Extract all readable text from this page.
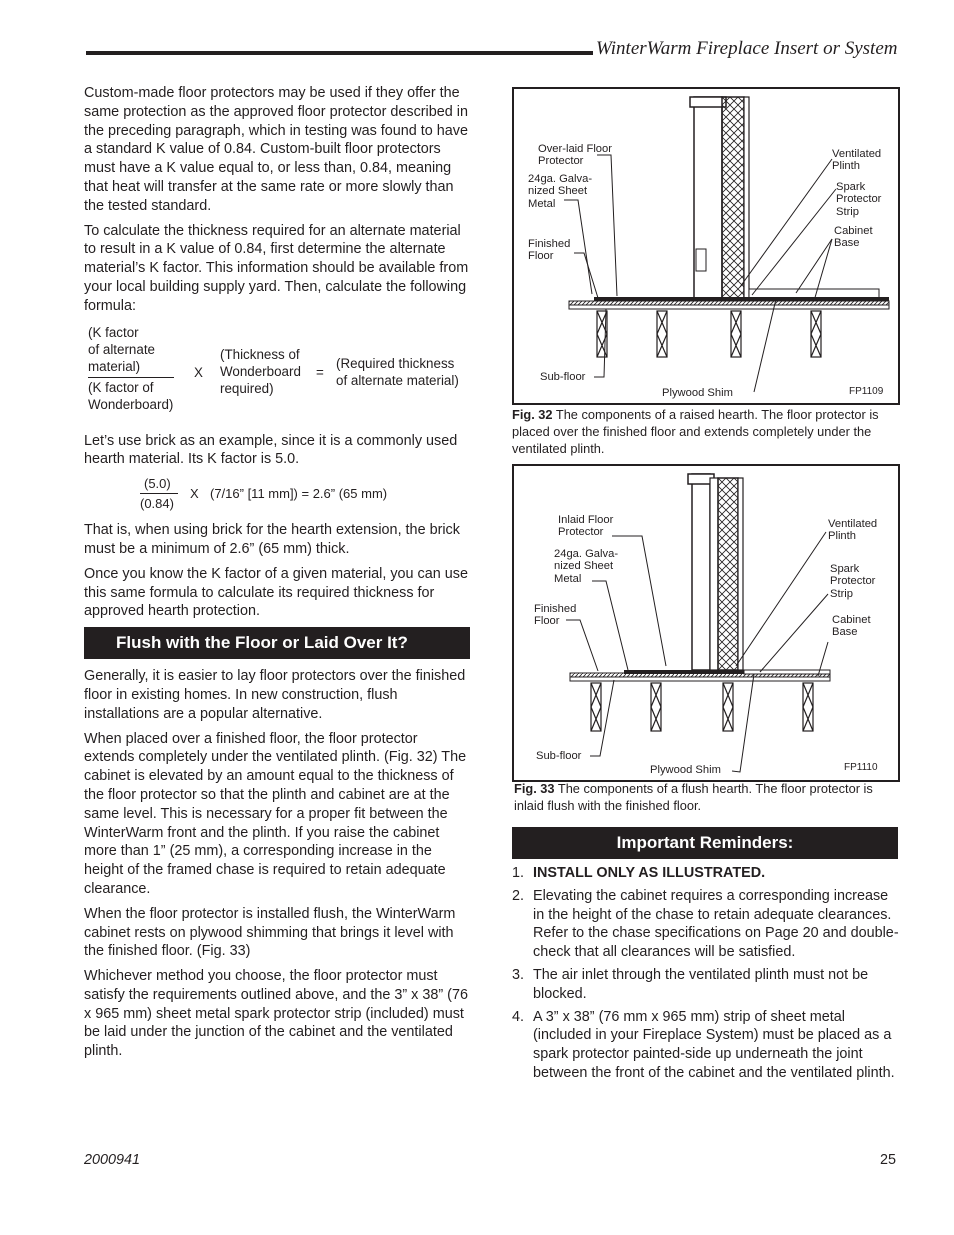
WinterWarm Fireplace Insert or System

Custom-made floor protectors may be used if they offer the same protection as the approved floor protector described in the preceding paragraph, which in testing was found to have a standard K value of 0.84. Custom-built floor protectors must have a K value equal to, or less than, 0.84, meaning that heat will transfer at the same rate or more slowly than the tested standard.

To calculate the thickness required for an alternate material to result in a K value of 0.84, first determine the alternate material’s K factor. This information should be available from your local building supply yard. Then, calculate the following formula:

(K factor
of alternate
material)
(K factor of
Wonderboard)
X
(Thickness of
Wonderboard
required)
=
(Required thickness
of alternate material)

Let’s use brick as an example, since it is a commonly used hearth material. Its K factor is 5.0.

(5.0)
(0.84)
X (7/16” [11 mm]) = 2.6” (65 mm)

That is, when using brick for the hearth extension, the brick must be a minimum of 2.6” (65 mm) thick.

Once you know the K factor of a given material, you can use this same formula to calculate its required thickness for approved hearth protection.

Flush with the Floor or Laid Over It?

Generally, it is easier to lay floor protectors over the finished floor in existing homes. In new construction, flush installations are a popular alternative.

When placed over a finished floor, the floor protector extends completely under the ventilated plinth. (Fig. 32) The cabinet is elevated by an amount equal to the thickness of the floor protector so that the plinth and cabinet are at the same level. This is necessary for a proper fit between the WinterWarm front and the plinth. If you raise the cabinet more than 1” (25 mm), a corresponding increase in the height of the framed chase is required to retain adequate clearance.

When the floor protector is installed flush, the WinterWarm cabinet rests on plywood shimming that brings it level with the finished floor. (Fig. 33)

Whichever method you choose, the floor protector must satisfy the requirements outlined above, and the 3” x 38” (76 x 965 mm) sheet metal spark protector strip (included) must be laid under the junction of the cabinet and the ventilated plinth.

Over-laid Floor
Protector
24ga. Galva-
nized Sheet
Metal
Finished
Floor
Sub-floor
Plywood Shim
Ventilated
Plinth
Spark
Protector
Strip
Cabinet
Base
FP1109
Fig. 32 The components of a raised hearth. The floor protector is placed over the finished floor and extends completely under the ventilated plinth.
Inlaid Floor
Protector
24ga. Galva-
nized Sheet
Metal
Finished
Floor
Sub-floor
Plywood Shim
Ventilated
Plinth
Spark
Protector
Strip
Cabinet
Base
FP1110
Fig. 33 The components of a flush hearth. The floor protector is inlaid flush with the finished floor.
Important Reminders:
1. INSTALL ONLY AS ILLUSTRATED.
2. Elevating the cabinet requires a corresponding increase in the height of the chase to retain adequate clearances. Refer to the chase specifications on Page 20 and double-check that all clearances will be satisfied.
3. The air inlet through the ventilated plinth must not be blocked.
4. A 3” x 38” (76 mm x 965 mm) strip of sheet metal (included in your Fireplace System) must be placed as a spark protector painted-side up underneath the joint between the front of the cabinet and the ventilated plinth.
2000941	25
